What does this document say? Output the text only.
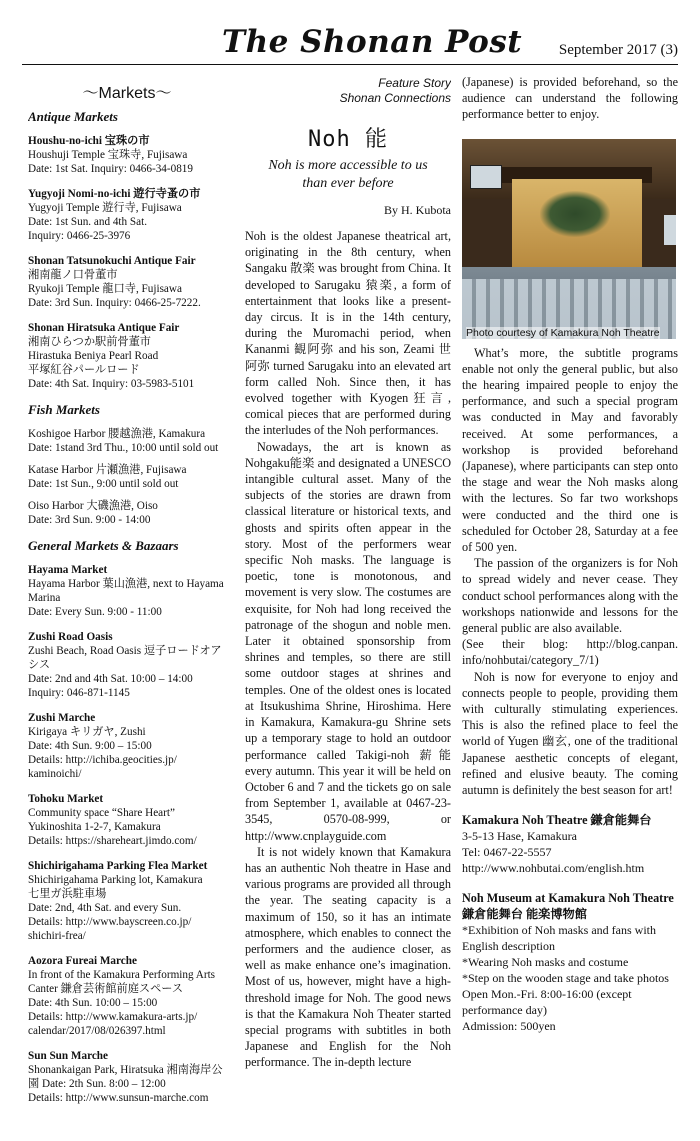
The Shonan Post September 2017 (3)
〜Markets〜
Antique Markets
Houshu-no-ichi 宝珠の市
Houshuji Temple 宝珠寺, Fujisawa
Date: 1st Sat. Inquiry: 0466-34-0819
Yugyoji Nomi-no-ichi 遊行寺蚤の市
Yugyoji Temple 遊行寺, Fujisawa
Date: 1st Sun. and 4th Sat.
Inquiry: 0466-25-3976
Shonan Tatsunokuchi Antique Fair
湘南龍ノ口骨董市
Ryukoji Temple 龍口寺, Fujisawa
Date: 3rd Sun. Inquiry: 0466-25-7222.
Shonan Hiratsuka Antique Fair
湘南ひらつか駅前骨董市
Hirastuka Beniya Pearl Road
平塚紅谷パールロード
Date: 4th Sat. Inquiry: 03-5983-5101
Fish Markets
Koshigoe Harbor 腰越漁港, Kamakura
Date: 1stand 3rd Thu., 10:00 until sold out
Katase Harbor 片瀬漁港, Fujisawa
Date: 1st Sun., 9:00 until sold out
Oiso Harbor 大磯漁港, Oiso
Date: 3rd Sun. 9:00 - 14:00
General Markets & Bazaars
Hayama Market
Hayama Harbor 葉山漁港, next to Hayama Marina
Date: Every Sun. 9:00 - 11:00
Zushi Road Oasis
Zushi Beach, Road Oasis 逗子ロードオアシス
Date: 2nd and 4th Sat. 10:00 – 14:00
Inquiry: 046-871-1145
Zushi Marche
Kirigaya キリガヤ, Zushi
Date: 4th Sun. 9:00 – 15:00
Details: http://ichiba.geocities.jp/ kaminoichi/
Tohoku Market
Community space “Share Heart”
Yukinoshita 1-2-7, Kamakura
Details: https://shareheart.jimdo.com/
Shichirigahama Parking Flea Market
Shichirigahama Parking lot, Kamakura
七里ガ浜駐車場
Date: 2nd, 4th Sat. and every Sun.
Details: http://www.bayscreen.co.jp/ shichiri-frea/
Aozora Fureai Marche
In front of the Kamakura Performing Arts Canter 鎌倉芸術館前庭スペース
Date: 4th Sun. 10:00 – 15:00
Details: http://www.kamakura-arts.jp/ calendar/2017/08/026397.html
Sun Sun Marche
Shonankaigan Park, Hiratsuka 湘南海岸公園 Date: 2th Sun. 8:00 – 12:00
Details: http://www.sunsun-marche.com
Feature Story
Shonan Connections
Noh 能
Noh is more accessible to us
than ever before
By H. Kubota

Noh is the oldest Japanese theatrical art, originating in the 8th century, when Sangaku 散楽 was brought from China. It developed to Sarugaku 猿楽, a form of entertainment that looks like a present-day circus. It is in the 14th century, during the Muromachi period, when Kananmi 観阿弥 and his son, Zeami 世阿弥 turned Sarugaku into an elevated art form called Noh. Since then, it has evolved together with Kyogen狂言, comical pieces that are performed during the interludes of the Noh performances.

Nowadays, the art is known as Nohgaku能楽 and designated a UNESCO intangible cultural asset. Many of the subjects of the stories are drawn from classical literature or historical texts, and ghosts and spirits often appear in the story. Most of the performers wear specific Noh masks. The language is poetic, tone is monotonous, and movement is very slow. The costumes are exquisite, for Noh had long received the patronage of the shogun and noble men. Later it obtained sponsorship from shrines and temples, so there are still some outdoor stages at shrines and temples. One of the oldest ones is located at Itsukushima Shrine, Hiroshima. Here in Kamakura, Kamakura-gu Shrine sets up a temporary stage to hold an outdoor performance called Takigi-noh 薪能 every autumn. This year it will be held on October 6 and 7 and the tickets go on sale from September 1, available at 0467-23-3545, 0570-08-999, or http://www.cnplayguide.com

It is not widely known that Kamakura has an authentic Noh theatre in Hase and various programs are provided all through the year. The seating capacity is a maximum of 150, so it has an intimate atmosphere, which enables to connect the performers and the audience closer, as well as make enhance one’s imagination. Most of us, however, might have a high-threshold image for Noh. The good news is that the Kamakura Noh Theater started special programs with subtitles in both Japanese and English for the Noh performance. The in-depth lecture

(Japanese) is provided beforehand, so the audience can understand the following performance better to enjoy.

Photo courtesy of Kamakura Noh Theatre

What’s more, the subtitle programs enable not only the general public, but also the hearing impaired people to enjoy the performance, and such a special program was conducted in May and favorably received. At some performances, a workshop is provided beforehand (Japanese), where participants can step onto the stage and wear the Noh masks along with the lectures. So far two workshops were conducted and the third one is scheduled for October 28, Saturday at a fee of 500 yen.

The passion of the organizers is for Noh to spread widely and never cease. They conduct school performances along with the workshops nationwide and lessons for the general public are also available.

(See their blog: http://blog.canpan. info/nohbutai/category_7/1)

Noh is now for everyone to enjoy and connects people to people, providing them with culturally stimulating experiences. This is also the refined place to feel the world of Yugen 幽玄, one of the traditional Japanese aesthetic concepts of elegant, refined and elusive beauty. The coming autumn is definitely the best season for art!

Kamakura Noh Theatre 鎌倉能舞台
3-5-13 Hase, Kamakura
Tel: 0467-22-5557
http://www.nohbutai.com/english.htm
Noh Museum at Kamakura Noh Theatre
鎌倉能舞台 能楽博物館
*Exhibition of Noh masks and fans with English description
*Wearing Noh masks and costume
*Step on the wooden stage and take photos
Open Mon.-Fri. 8:00-16:00 (except performance day)
Admission: 500yen
